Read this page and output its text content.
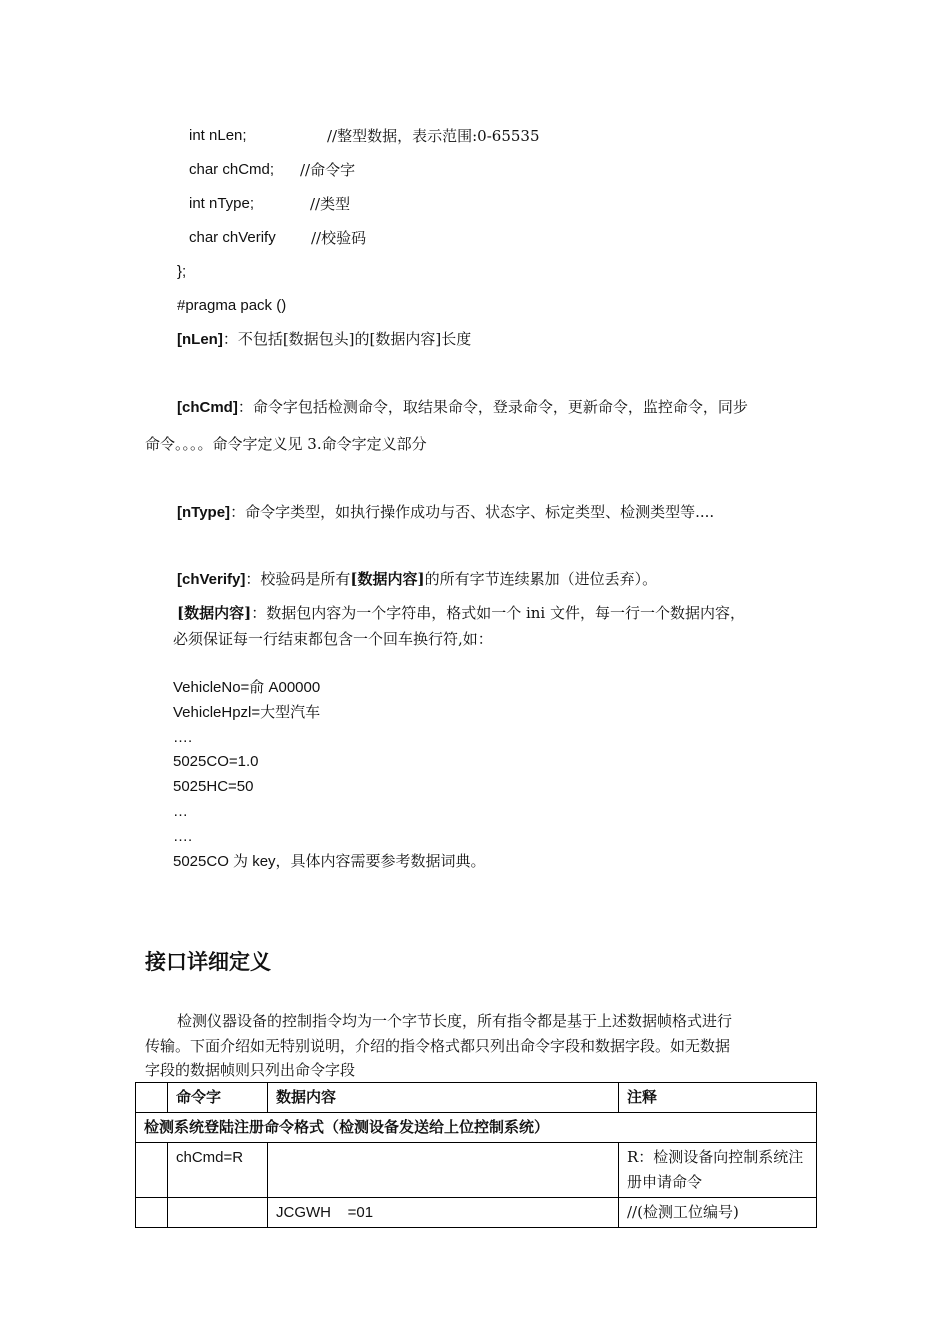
int nLen;	//整型数据，表示范围:0-65535
char chCmd; //命令字
int nType;	//类型
char chVerify //校验码
};
#pragma pack ()
[nLen]：不包括[数据包头]的[数据内容]长度
[chCmd]：命令字包括检测命令，取结果命令，登录命令，更新命令，监控命令，同步
命令。。。。命令字定义见 3.命令字定义部分
[nType]：命令字类型，如执行操作成功与否、状态字、标定类型、检测类型等....
[chVerify]：校验码是所有[数据内容]的所有字节连续累加（进位丢弃）。
[数据内容]：数据包内容为一个字符串，格式如一个 ini 文件，每一行一个数据内容，
必须保证每一行结束都包含一个回车换行符,如：
VehicleNo=俞 A00000
VehicleHpzl=大型汽车
….
5025CO=1.0
5025HC=50
…
….
5025CO 为 key，具体内容需要参考数据词典。
接口详细定义
检测仪器设备的控制指令均为一个字节长度，所有指令都是基于上述数据帧格式进行
传输。下面介绍如无特别说明，介绍的指令格式都只列出命令字段和数据字段。如无数据
字段的数据帧则只列出命令字段
	命令字	数据内容	注释
检测系统登陆注册命令格式（检测设备发送给上位控制系统）			
	chCmd=R		R：检测设备向控制系统注册申请命令
		JCGWH    =01	//(检测工位编号)
